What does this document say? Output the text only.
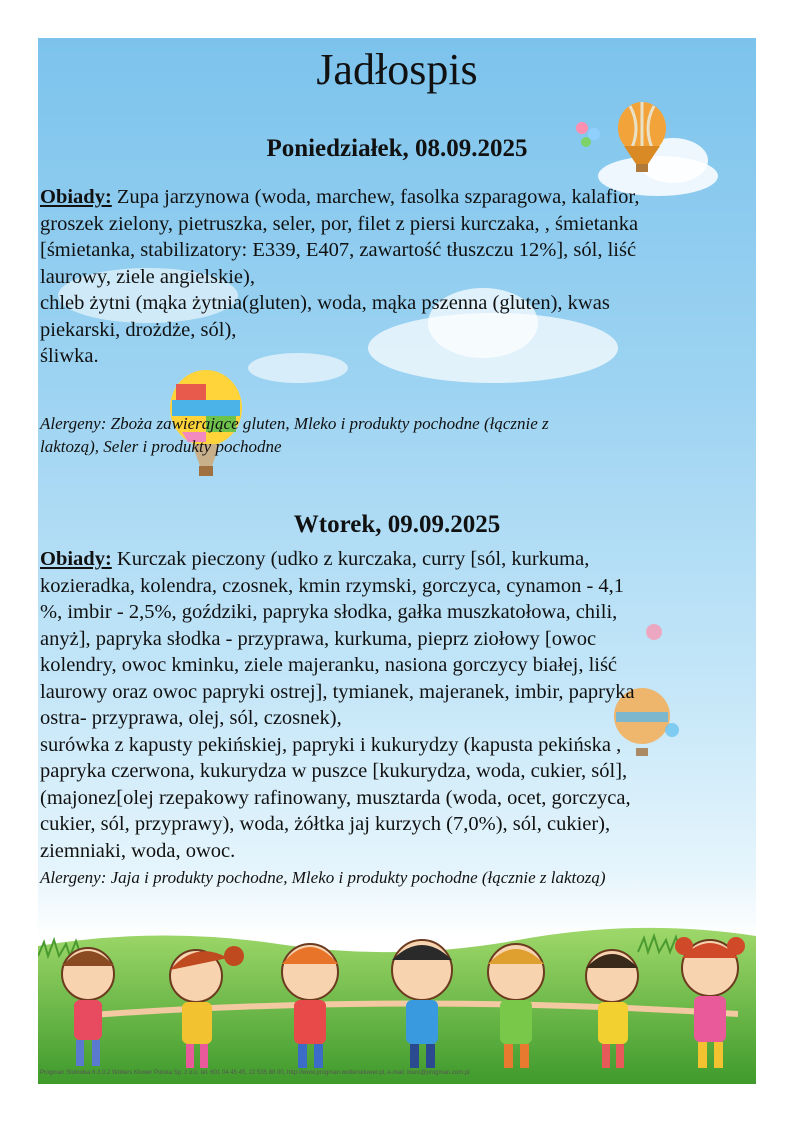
Jadłospis
Poniedziałek, 08.09.2025

Obiady: Zupa jarzynowa (woda, marchew, fasolka szparagowa, kalafior,
groszek zielony, pietruszka, seler, por, filet z piersi kurczaka, , śmietanka
[śmietanka, stabilizatory: E339, E407, zawartość tłuszczu 12%], sól, liść
laurowy, ziele angielskie),
chleb żytni (mąka żytnia(gluten), woda, mąka pszenna (gluten), kwas
piekarski, drożdże, sól),
śliwka.

Alergeny: Zboża zawierające gluten, Mleko i produkty pochodne (łącznie z
laktozą), Seler i produkty pochodne

Wtorek, 09.09.2025

Obiady: Kurczak pieczony (udko z kurczaka, curry [sól, kurkuma,
kozieradka, kolendra, czosnek, kmin rzymski, gorczyca, cynamon - 4,1
%, imbir - 2,5%, goździki, papryka słodka, gałka muszkatołowa, chili,
anyż], papryka słodka - przyprawa, kurkuma, pieprz ziołowy [owoc
kolendry, owoc kminku, ziele majeranku, nasiona gorczycy białej, liść
laurowy oraz owoc papryki ostrej], tymianek, majeranek, imbir, papryka
ostra- przyprawa, olej, sól, czosnek),
surówka z kapusty pekińskiej, papryki i kukurydzy (kapusta pekińska ,
papryka czerwona, kukurydza w puszce [kukurydza, woda, cukier, sól],
(majonez[olej rzepakowy rafinowany, musztarda (woda, ocet, gorczyca,
cukier, sól, przyprawy), woda, żółtka jaj kurzych (7,0%), sól, cukier),
ziemniaki, woda, owoc.

Alergeny: Jaja i produkty pochodne, Mleko i produkty pochodne (łącznie z laktozą)

Progman Stołówka 6.3.0.2 Wolters Kluwer Polska Sp. z o.o. tel. 601 04 45 45, 22 535 88 00, http://www.progman.wolterskluwer.pl, e-mail: biuro@progman.com.pl
